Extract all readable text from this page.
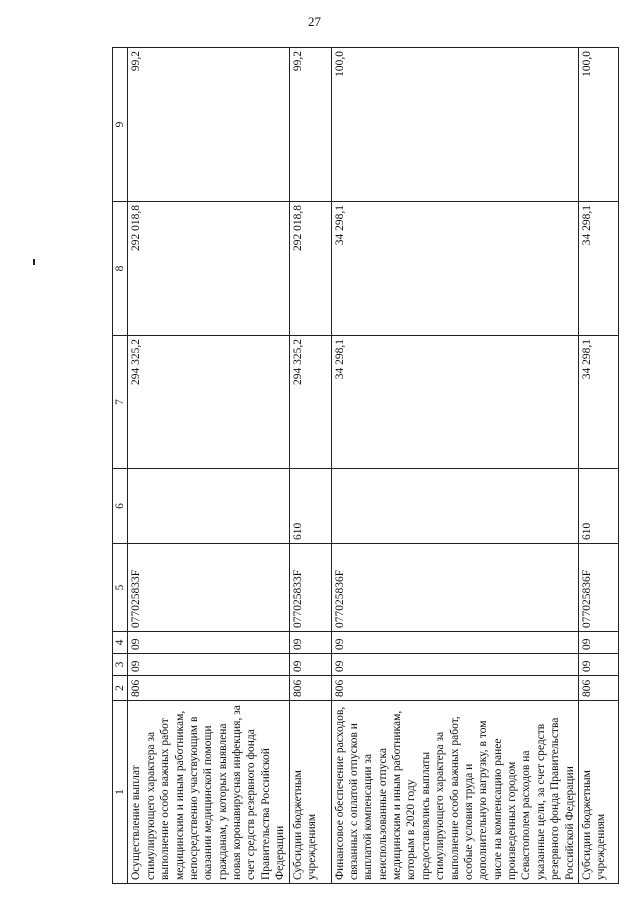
27
1	2	3	4	5	6	7	8	9
Осуществление выплат стимулирующего характера за выполнение особо важных работ медицинским и иным работникам, непосредственно участвующим в оказании медицинской помощи гражданам, у которых выявлена новая коронавирусная инфекция, за счет средств резервного фонда Правительства Российской Федерации	806	09	09	077025833F		294 325,2	292 018,8	99,2
Субсидии бюджетным учреждениям	806	09	09	077025833F	610	294 325,2	292 018,8	99,2
Финансовое обеспечение расходов, связанных с оплатой отпусков и выплатой компенсации за неиспользованные отпуска медицинским и иным работникам, которым в 2020 году предоставлялись выплаты стимулирующего характера за выполнение особо важных работ, особые условия труда и дополнительную нагрузку, в том числе на компенсацию ранее произведенных городом Севастополем расходов на указанные цели, за счет средств резервного фонда Правительства Российской Федерации	806	09	09	077025836F		34 298,1	34 298,1	100,0
Субсидии бюджетным учреждениям	806	09	09	077025836F	610	34 298,1	34 298,1	100,0
